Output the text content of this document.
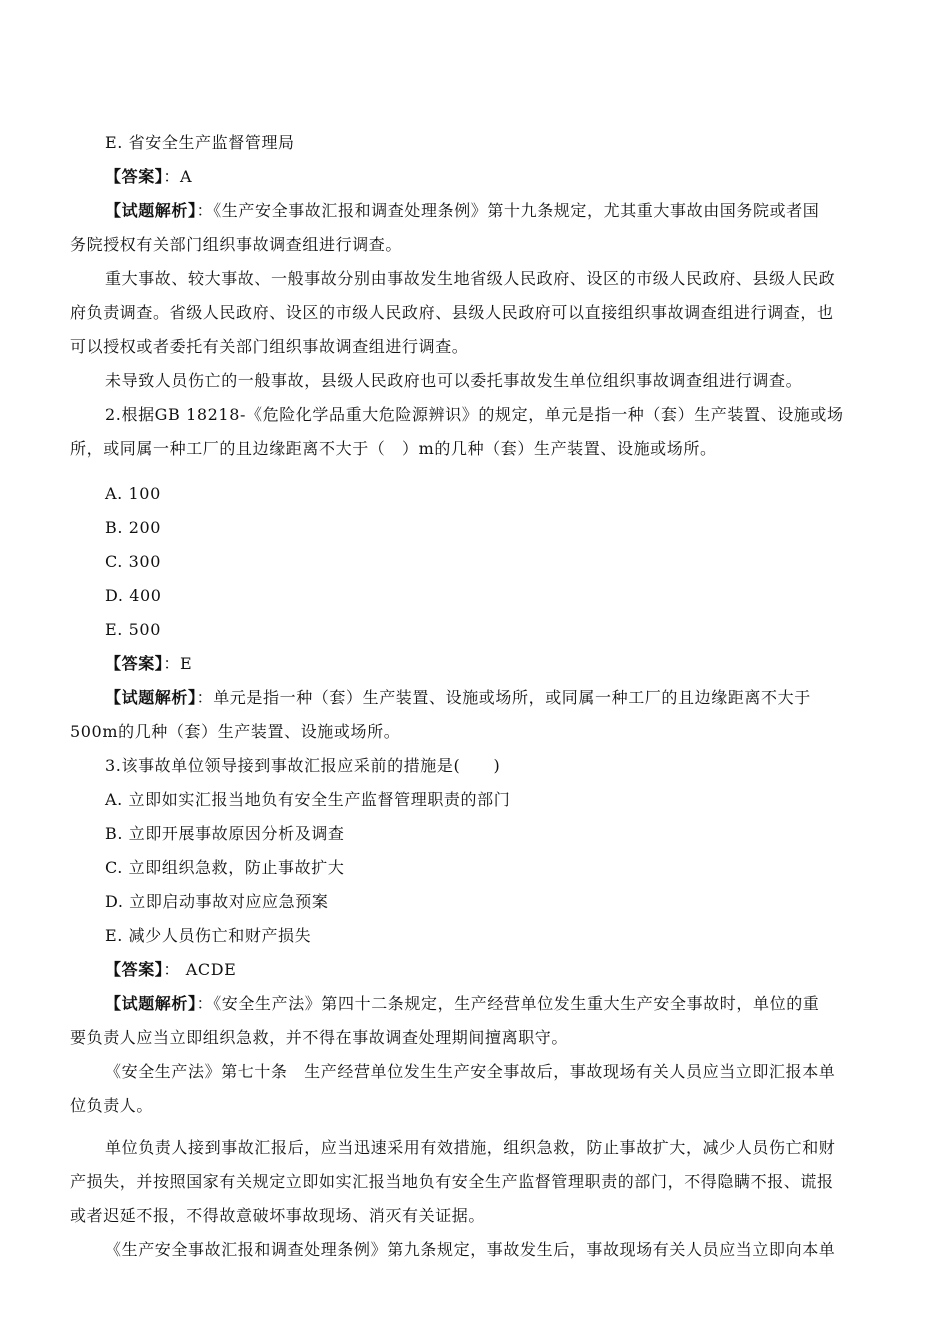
E. 省安全生产监督管理局
【答案】：A
【试题解析】：《生产安全事故汇报和调查处理条例》第十九条规定，尤其重大事故由国务院或者国
务院授权有关部门组织事故调查组进行调查。
重大事故、较大事故、一般事故分别由事故发生地省级人民政府、设区的市级人民政府、县级人民政
府负责调查。省级人民政府、设区的市级人民政府、县级人民政府可以直接组织事故调查组进行调查，也
可以授权或者委托有关部门组织事故调查组进行调查。
未导致人员伤亡的一般事故，县级人民政府也可以委托事故发生单位组织事故调查组进行调查。
2.根据GB 18218-《危险化学品重大危险源辨识》的规定，单元是指一种（套）生产装置、设施或场
所，或同属一种工厂的且边缘距离不大于（　）m的几种（套）生产装置、设施或场所。
A. 100
B. 200
C. 300
D. 400
E. 500
【答案】：E
【试题解析】：单元是指一种（套）生产装置、设施或场所，或同属一种工厂的且边缘距离不大于
500m的几种（套）生产装置、设施或场所。
3.该事故单位领导接到事故汇报应采前的措施是(　　)
A. 立即如实汇报当地负有安全生产监督管理职责的部门
B. 立即开展事故原因分析及调查
C. 立即组织急救，防止事故扩大
D. 立即启动事故对应应急预案
E. 减少人员伤亡和财产损失
【答案】： ACDE
【试题解析】：《安全生产法》第四十二条规定，生产经营单位发生重大生产安全事故时，单位的重
要负责人应当立即组织急救，并不得在事故调查处理期间擅离职守。
《安全生产法》第七十条　生产经营单位发生生产安全事故后，事故现场有关人员应当立即汇报本单
位负责人。
单位负责人接到事故汇报后，应当迅速采用有效措施，组织急救，防止事故扩大，减少人员伤亡和财
产损失，并按照国家有关规定立即如实汇报当地负有安全生产监督管理职责的部门，不得隐瞒不报、谎报
或者迟延不报，不得故意破坏事故现场、消灭有关证据。
《生产安全事故汇报和调查处理条例》第九条规定，事故发生后，事故现场有关人员应当立即向本单
